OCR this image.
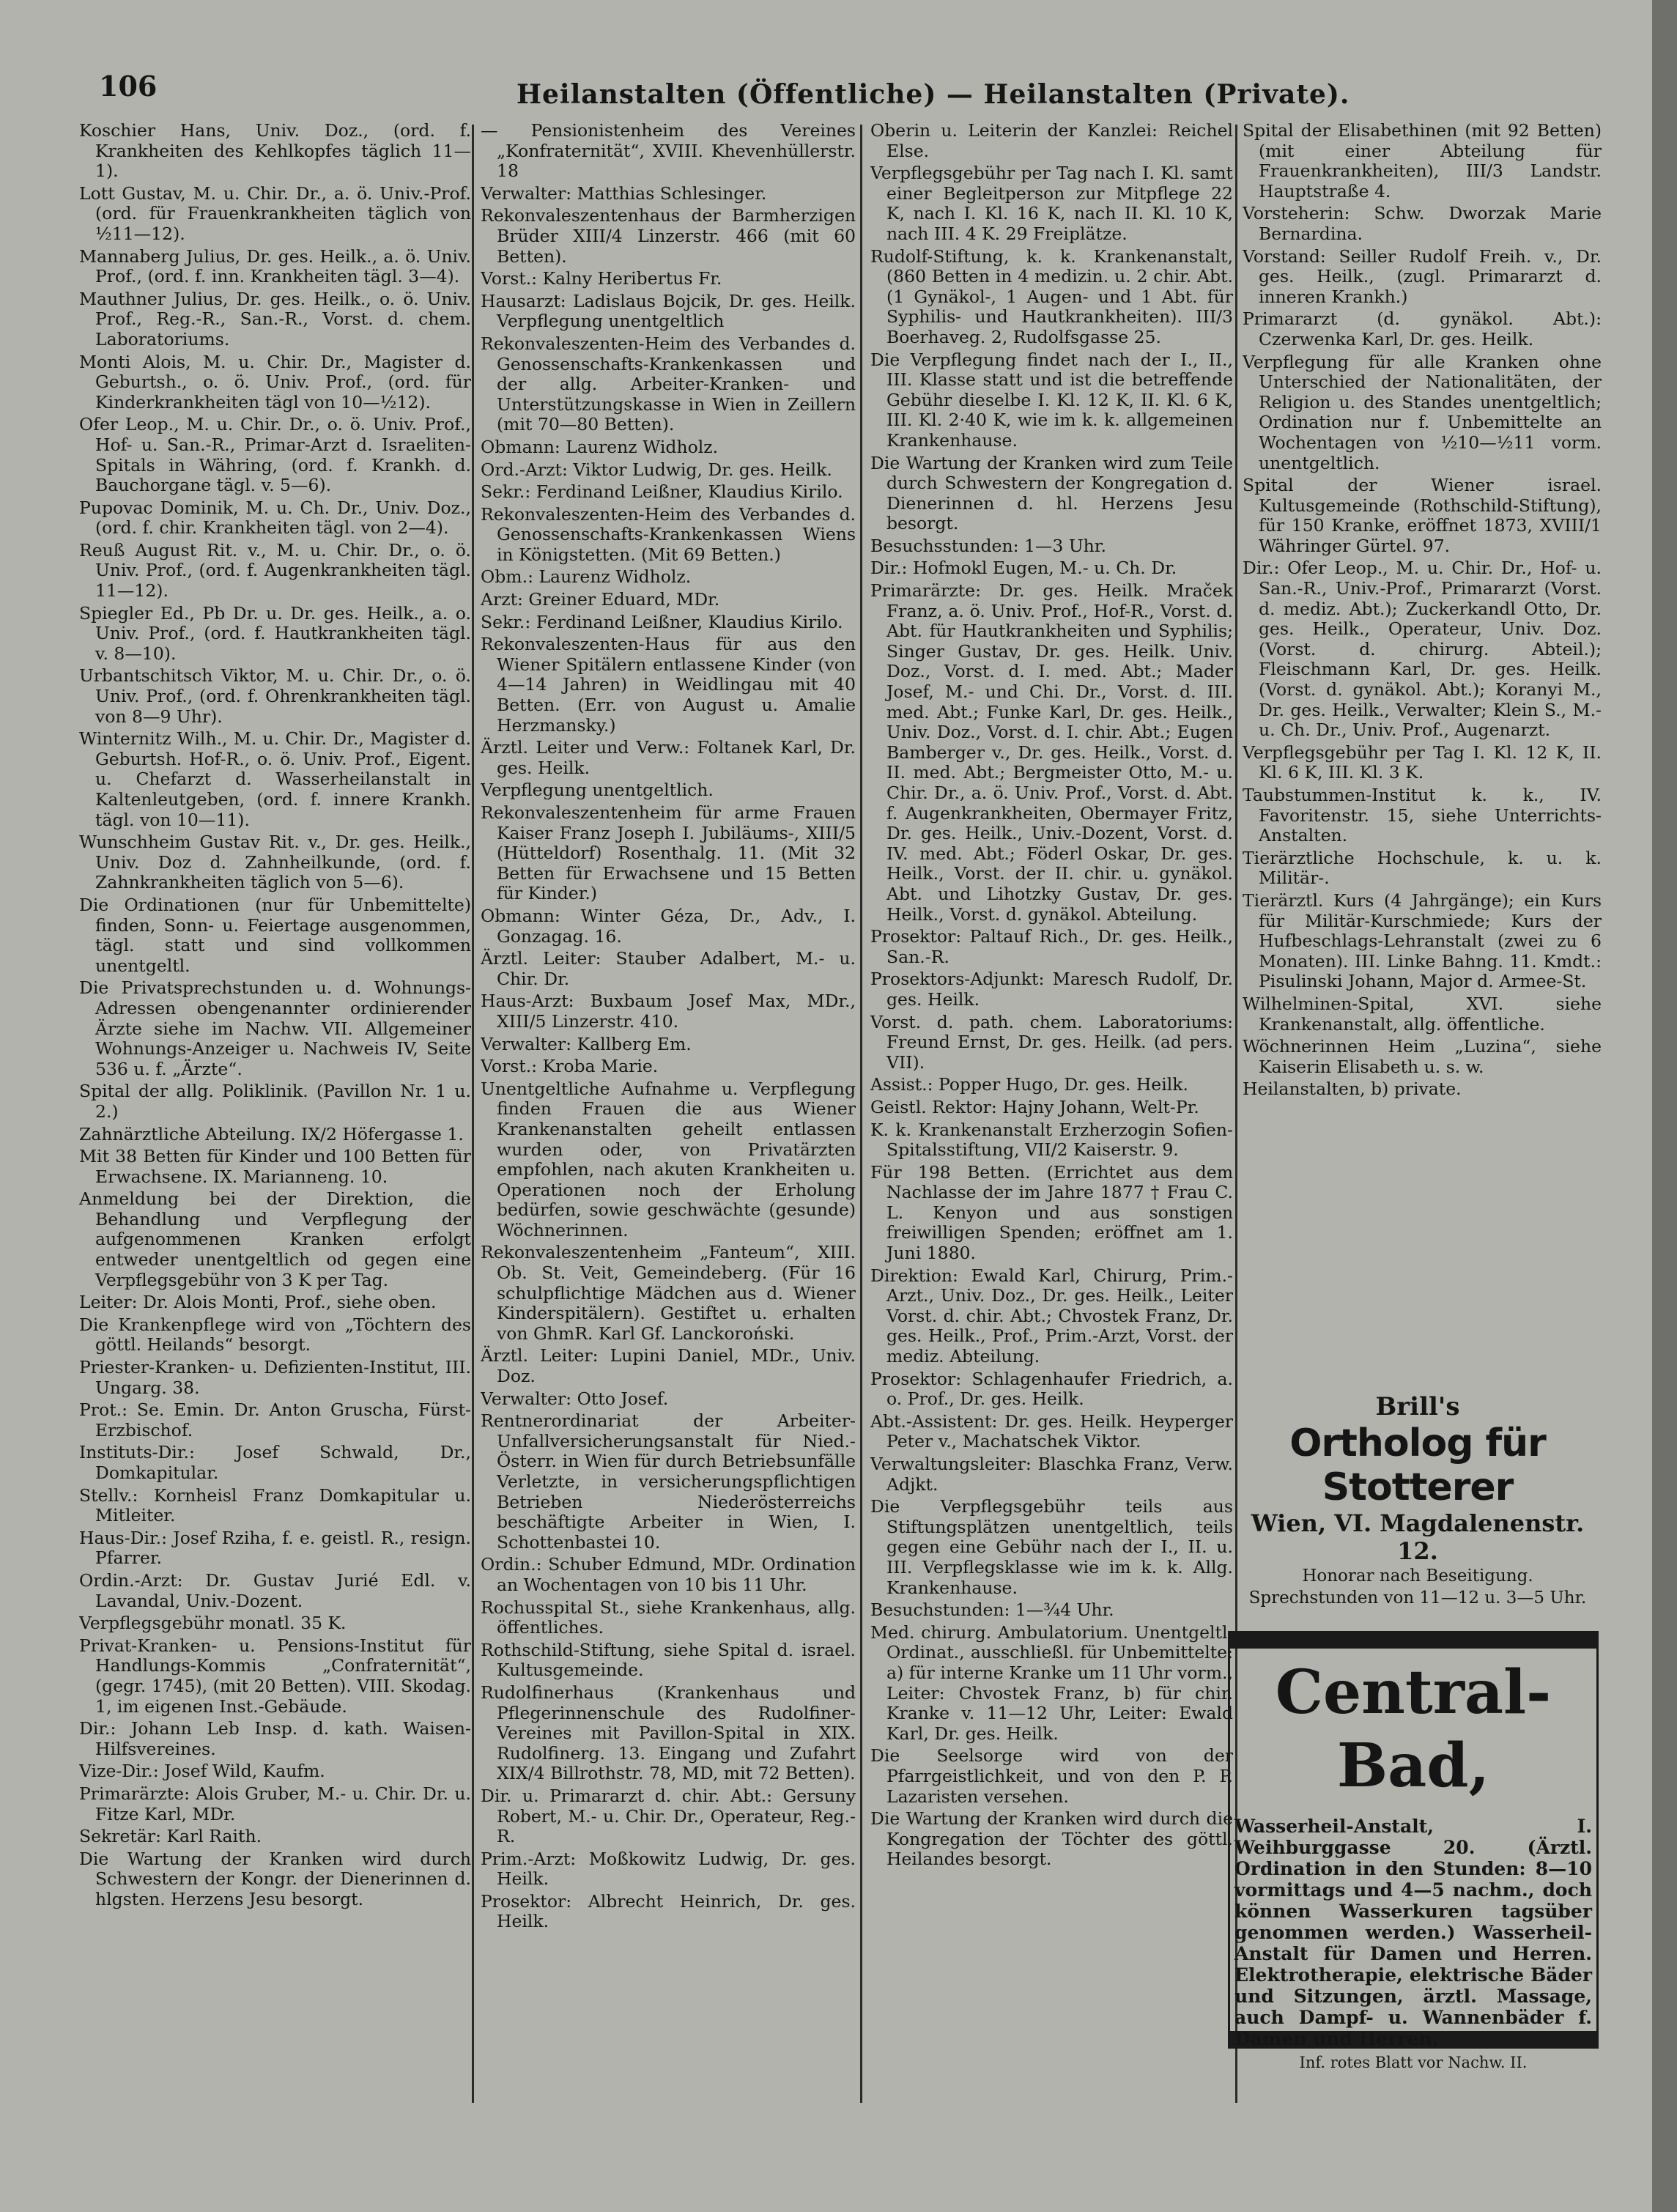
106	Heilanstalten (Öffentliche) — Heilanstalten (Private).

Koschier Hans, Univ. Doz., (ord. f. Krankheiten des Kehlkopfes täglich 11—1).

Lott Gustav, M. u. Chir. Dr., a. ö. Univ.-Prof. (ord. für Frauenkrankheiten täglich von ½11—12).

Mannaberg Julius, Dr. ges. Heilk., a. ö. Univ. Prof., (ord. f. inn. Krankheiten tägl. 3—4).

Mauthner Julius, Dr. ges. Heilk., o. ö. Univ. Prof., Reg.-R., San.-R., Vorst. d. chem. Laboratoriums.

Monti Alois, M. u. Chir. Dr., Magister d. Geburtsh., o. ö. Univ. Prof., (ord. für Kinderkrankheiten tägl von 10—½12).

Ofer Leop., M. u. Chir. Dr., o. ö. Univ. Prof., Hof- u. San.-R., Primar-Arzt d. Israeliten-Spitals in Währing, (ord. f. Krankh. d. Bauchorgane tägl. v. 5—6).

Pupovac Dominik, M. u. Ch. Dr., Univ. Doz., (ord. f. chir. Krankheiten tägl. von 2—4).

Reuß August Rit. v., M. u. Chir. Dr., o. ö. Univ. Prof., (ord. f. Augenkrankheiten tägl. 11—12).

Spiegler Ed., Pb Dr. u. Dr. ges. Heilk., a. o. Univ. Prof., (ord. f. Hautkrankheiten tägl. v. 8—10).

Urbantschitsch Viktor, M. u. Chir. Dr., o. ö. Univ. Prof., (ord. f. Ohrenkrankheiten tägl. von 8—9 Uhr).

Winternitz Wilh., M. u. Chir. Dr., Magister d. Geburtsh. Hof-R., o. ö. Univ. Prof., Eigent. u. Chefarzt d. Wasserheilanstalt in Kaltenleutgeben, (ord. f. innere Krankh. tägl. von 10—11).

Wunschheim Gustav Rit. v., Dr. ges. Heilk., Univ. Doz d. Zahnheilkunde, (ord. f. Zahnkrankheiten täglich von 5—6).

Die Ordinationen (nur für Unbemittelte) finden, Sonn- u. Feiertage ausgenommen, tägl. statt und sind vollkommen unentgeltl.

Die Privatsprechstunden u. d. Wohnungs-Adressen obengenannter ordinierender Ärzte siehe im Nachw. VII. Allgemeiner Wohnungs-Anzeiger u. Nachweis IV, Seite 536 u. f. „Ärzte“.

Spital der allg. Poliklinik. (Pavillon Nr. 1 u. 2.)

Zahnärztliche Abteilung. IX/2 Höfergasse 1.

Mit 38 Betten für Kinder und 100 Betten für Erwachsene. IX. Marianneng. 10.

Anmeldung bei der Direktion, die Behandlung und Verpflegung der aufgenommenen Kranken erfolgt entweder unentgeltlich od gegen eine Verpflegsgebühr von 3 K per Tag.

Leiter: Dr. Alois Monti, Prof., siehe oben.

Die Krankenpflege wird von „Töchtern des göttl. Heilands“ besorgt.

Priester-Kranken- u. Defizienten-Institut, III. Ungarg. 38.

Prot.: Se. Emin. Dr. Anton Gruscha, Fürst-Erzbischof.

Instituts-Dir.: Josef Schwald, Dr., Domkapitular.

Stellv.: Kornheisl Franz Domkapitular u. Mitleiter.

Haus-Dir.: Josef Rziha, f. e. geistl. R., resign. Pfarrer.

Ordin.-Arzt: Dr. Gustav Jurié Edl. v. Lavandal, Univ.-Dozent.

Verpflegsgebühr monatl. 35 K.

Privat-Kranken- u. Pensions-Institut für Handlungs-Kommis „Confraternität“, (gegr. 1745), (mit 20 Betten). VIII. Skodag. 1, im eigenen Inst.-Gebäude.

Dir.: Johann Leb Insp. d. kath. Waisen-Hilfsvereines.

Vize-Dir.: Josef Wild, Kaufm.

Primarärzte: Alois Gruber, M.- u. Chir. Dr. u. Fitze Karl, MDr.

Sekretär: Karl Raith.

Die Wartung der Kranken wird durch Schwestern der Kongr. der Dienerinnen d. hlgsten. Herzens Jesu besorgt.

— Pensionistenheim des Vereines „Konfraternität“, XVIII. Khevenhüllerstr. 18

Verwalter: Matthias Schlesinger.

Rekonvaleszentenhaus der Barmherzigen Brüder XIII/4 Linzerstr. 466 (mit 60 Betten).

Vorst.: Kalny Heribertus Fr.

Hausarzt: Ladislaus Bojcik, Dr. ges. Heilk. Verpflegung unentgeltlich

Rekonvaleszenten-Heim des Verbandes d. Genossenschafts-Krankenkassen und der allg. Arbeiter-Kranken- und Unterstützungskasse in Wien in Zeillern (mit 70—80 Betten).

Obmann: Laurenz Widholz.

Ord.-Arzt: Viktor Ludwig, Dr. ges. Heilk.

Sekr.: Ferdinand Leißner, Klaudius Kirilo.

Rekonvaleszenten-Heim des Verbandes d. Genossenschafts-Krankenkassen Wiens in Königstetten. (Mit 69 Betten.)

Obm.: Laurenz Widholz.

Arzt: Greiner Eduard, MDr.

Sekr.: Ferdinand Leißner, Klaudius Kirilo.

Rekonvaleszenten-Haus für aus den Wiener Spitälern entlassene Kinder (von 4—14 Jahren) in Weidlingau mit 40 Betten. (Err. von August u. Amalie Herzmansky.)

Ärztl. Leiter und Verw.: Foltanek Karl, Dr. ges. Heilk.

Verpflegung unentgeltlich.

Rekonvaleszentenheim für arme Frauen Kaiser Franz Joseph I. Jubiläums-, XIII/5 (Hütteldorf) Rosenthalg. 11. (Mit 32 Betten für Erwachsene und 15 Betten für Kinder.)

Obmann: Winter Géza, Dr., Adv., I. Gonzagag. 16.

Ärztl. Leiter: Stauber Adalbert, M.- u. Chir. Dr.

Haus-Arzt: Buxbaum Josef Max, MDr., XIII/5 Linzerstr. 410.

Verwalter: Kallberg Em.

Vorst.: Kroba Marie.

Unentgeltliche Aufnahme u. Verpflegung finden Frauen die aus Wiener Krankenanstalten geheilt entlassen wurden oder, von Privatärzten empfohlen, nach akuten Krankheiten u. Operationen noch der Erholung bedürfen, sowie geschwächte (gesunde) Wöchnerinnen.

Rekonvaleszentenheim „Fanteum“, XIII. Ob. St. Veit, Gemeindeberg. (Für 16 schulpflichtige Mädchen aus d. Wiener Kinderspitälern). Gestiftet u. erhalten von GhmR. Karl Gf. Lanckoroński.

Ärztl. Leiter: Lupini Daniel, MDr., Univ. Doz.

Verwalter: Otto Josef.

Rentnerordinariat der Arbeiter-Unfallversicherungsanstalt für Nied.-Österr. in Wien für durch Betriebsunfälle Verletzte, in versicherungspflichtigen Betrieben Niederösterreichs beschäftigte Arbeiter in Wien, I. Schottenbastei 10.

Ordin.: Schuber Edmund, MDr. Ordination an Wochentagen von 10 bis 11 Uhr.

Rochusspital St., siehe Krankenhaus, allg. öffentliches.

Rothschild-Stiftung, siehe Spital d. israel. Kultusgemeinde.

Rudolfinerhaus (Krankenhaus und Pflegerinnenschule des Rudolfiner-Vereines mit Pavillon-Spital in XIX. Rudolfinerg. 13. Eingang und Zufahrt XIX/4 Billrothstr. 78, MD, mit 72 Betten).

Dir. u. Primararzt d. chir. Abt.: Gersuny Robert, M.- u. Chir. Dr., Operateur, Reg.-R.

Prim.-Arzt: Moßkowitz Ludwig, Dr. ges. Heilk.

Prosektor: Albrecht Heinrich, Dr. ges. Heilk.

Oberin u. Leiterin der Kanzlei: Reichel Else.

Verpflegsgebühr per Tag nach I. Kl. samt einer Begleitperson zur Mitpflege 22 K, nach I. Kl. 16 K, nach II. Kl. 10 K, nach III. 4 K. 29 Freiplätze.

Rudolf-Stiftung, k. k. Krankenanstalt, (860 Betten in 4 medizin. u. 2 chir. Abt. (1 Gynäkol-, 1 Augen- und 1 Abt. für Syphilis- und Hautkrankheiten). III/3 Boerhaveg. 2, Rudolfsgasse 25.

Die Verpflegung findet nach der I., II., III. Klasse statt und ist die betreffende Gebühr dieselbe I. Kl. 12 K, II. Kl. 6 K, III. Kl. 2·40 K, wie im k. k. allgemeinen Krankenhause.

Die Wartung der Kranken wird zum Teile durch Schwestern der Kongregation d. Dienerinnen d. hl. Herzens Jesu besorgt.

Besuchsstunden: 1—3 Uhr.

Dir.: Hofmokl Eugen, M.- u. Ch. Dr.

Primarärzte: Dr. ges. Heilk. Mraček Franz, a. ö. Univ. Prof., Hof-R., Vorst. d. Abt. für Hautkrankheiten und Syphilis; Singer Gustav, Dr. ges. Heilk. Univ. Doz., Vorst. d. I. med. Abt.; Mader Josef, M.- und Chi. Dr., Vorst. d. III. med. Abt.; Funke Karl, Dr. ges. Heilk., Univ. Doz., Vorst. d. I. chir. Abt.; Eugen Bamberger v., Dr. ges. Heilk., Vorst. d. II. med. Abt.; Bergmeister Otto, M.- u. Chir. Dr., a. ö. Univ. Prof., Vorst. d. Abt. f. Augenkrankheiten, Obermayer Fritz, Dr. ges. Heilk., Univ.-Dozent, Vorst. d. IV. med. Abt.; Föderl Oskar, Dr. ges. Heilk., Vorst. der II. chir. u. gynäkol. Abt. und Lihotzky Gustav, Dr. ges. Heilk., Vorst. d. gynäkol. Abteilung.

Prosektor: Paltauf Rich., Dr. ges. Heilk., San.-R.

Prosektors-Adjunkt: Maresch Rudolf, Dr. ges. Heilk.

Vorst. d. path. chem. Laboratoriums: Freund Ernst, Dr. ges. Heilk. (ad pers. VII).

Assist.: Popper Hugo, Dr. ges. Heilk.

Geistl. Rektor: Hajny Johann, Welt-Pr.

K. k. Krankenanstalt Erzherzogin Sofien-Spitalsstiftung, VII/2 Kaiserstr. 9.

Für 198 Betten. (Errichtet aus dem Nachlasse der im Jahre 1877 † Frau C. L. Kenyon und aus sonstigen freiwilligen Spenden; eröffnet am 1. Juni 1880.

Direktion: Ewald Karl, Chirurg, Prim.-Arzt., Univ. Doz., Dr. ges. Heilk., Leiter Vorst. d. chir. Abt.; Chvostek Franz, Dr. ges. Heilk., Prof., Prim.-Arzt, Vorst. der mediz. Abteilung.

Prosektor: Schlagenhaufer Friedrich, a. o. Prof., Dr. ges. Heilk.

Abt.-Assistent: Dr. ges. Heilk. Heyperger Peter v., Machatschek Viktor.

Verwaltungsleiter: Blaschka Franz, Verw. Adjkt.

Die Verpflegsgebühr teils aus Stiftungsplätzen unentgeltlich, teils gegen eine Gebühr nach der I., II. u. III. Verpflegsklasse wie im k. k. Allg. Krankenhause.

Besuchstunden: 1—¾4 Uhr.

Med. chirurg. Ambulatorium. Unentgeltl. Ordinat., ausschließl. für Unbemittelte: a) für interne Kranke um 11 Uhr vorm., Leiter: Chvostek Franz, b) für chir. Kranke v. 11—12 Uhr, Leiter: Ewald Karl, Dr. ges. Heilk.

Die Seelsorge wird von der Pfarrgeistlichkeit, und von den P. P. Lazaristen versehen.

Die Wartung der Kranken wird durch die Kongregation der Töchter des göttl. Heilandes besorgt.

Spital der Elisabethinen (mit 92 Betten) (mit einer Abteilung für Frauenkrankheiten), III/3 Landstr. Hauptstraße 4.

Vorsteherin: Schw. Dworzak Marie Bernardina.

Vorstand: Seiller Rudolf Freih. v., Dr. ges. Heilk., (zugl. Primararzt d. inneren Krankh.)

Primararzt (d. gynäkol. Abt.): Czerwenka Karl, Dr. ges. Heilk.

Verpflegung für alle Kranken ohne Unterschied der Nationalitäten, der Religion u. des Standes unentgeltlich; Ordination nur f. Unbemittelte an Wochentagen von ½10—½11 vorm. unentgeltlich.

Spital der Wiener israel. Kultusgemeinde (Rothschild-Stiftung), für 150 Kranke, eröffnet 1873, XVIII/1 Währinger Gürtel. 97.

Dir.: Ofer Leop., M. u. Chir. Dr., Hof- u. San.-R., Univ.-Prof., Primararzt (Vorst. d. mediz. Abt.); Zuckerkandl Otto, Dr. ges. Heilk., Operateur, Univ. Doz. (Vorst. d. chirurg. Abteil.); Fleischmann Karl, Dr. ges. Heilk. (Vorst. d. gynäkol. Abt.); Koranyi M., Dr. ges. Heilk., Verwalter; Klein S., M.- u. Ch. Dr., Univ. Prof., Augenarzt.

Verpflegsgebühr per Tag I. Kl. 12 K, II. Kl. 6 K, III. Kl. 3 K.

Taubstummen-Institut k. k., IV. Favoritenstr. 15, siehe Unterrichts-Anstalten.

Tierärztliche Hochschule, k. u. k. Militär-.

Tierärztl. Kurs (4 Jahrgänge); ein Kurs für Militär-Kurschmiede; Kurs der Hufbeschlags-Lehranstalt (zwei zu 6 Monaten). III. Linke Bahng. 11. Kmdt.: Pisulinski Johann, Major d. Armee-St.

Wilhelminen-Spital, XVI. siehe Krankenanstalt, allg. öffentliche.

Wöchnerinnen Heim „Luzina“, siehe Kaiserin Elisabeth u. s. w.

Heilanstalten, b) private.

Brill's
Ortholog für Stotterer
Wien, VI. Magdalenenstr. 12.
Honorar nach Beseitigung.
Sprechstunden von 11—12 u. 3—5 Uhr.
Central-Bad,
Wasserheil-Anstalt, I. Weihburggasse 20. (Ärztl. Ordination in den Stunden: 8—10 vormittags und 4—5 nachm., doch können Wasserkuren tagsüber genommen werden.) Wasserheil-Anstalt für Damen und Herren. Elektrotherapie, elektrische Bäder und Sitzungen, ärztl. Massage, auch Dampf- u. Wannenbäder f. Damen und Herren.
Inf. rotes Blatt vor Nachw. II.
